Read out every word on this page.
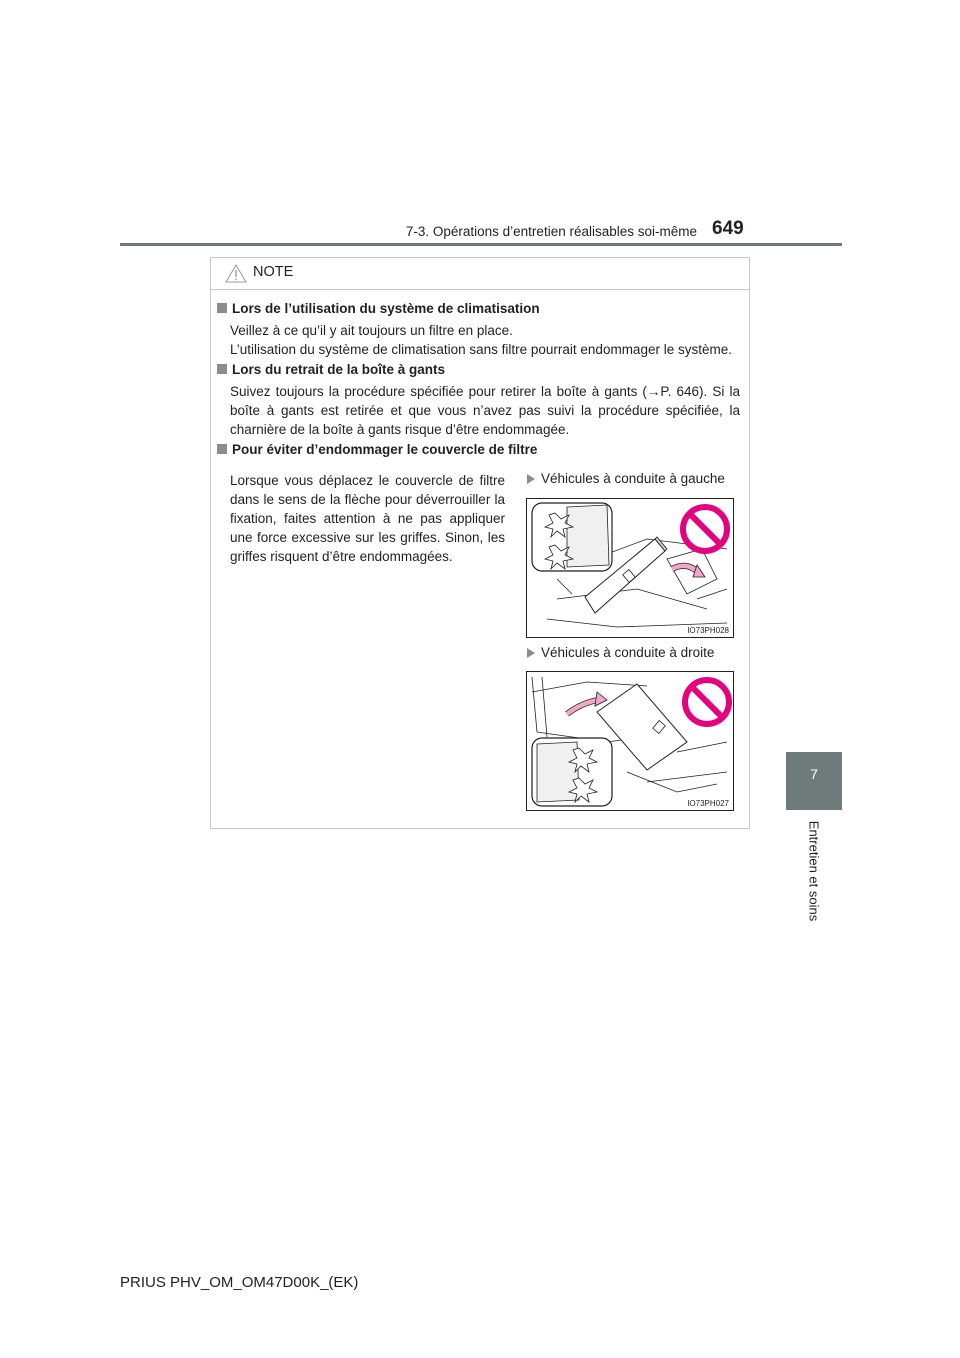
7-3. Opérations d’entretien réalisables soi-même 649
7
Entretien et soins
NOTE
Lors de l’utilisation du système de climatisation

Veillez à ce qu’il y ait toujours un filtre en place.
L’utilisation du système de climatisation sans filtre pourrait endommager le système.

Lors du retrait de la boîte à gants

Suivez toujours la procédure spécifiée pour retirer la boîte à gants (→P. 646). Si la boîte à gants est retirée et que vous n’avez pas suivi la procédure spécifiée, la charnière de la boîte à gants risque d’être endommagée.

Pour éviter d’endommager le couvercle de filtre

Lorsque vous déplacez le couvercle de filtre dans le sens de la flèche pour déverrouiller la fixation, faites attention à ne pas appliquer une force excessive sur les griffes. Sinon, les griffes risquent d’être endommagées.

Véhicules à conduite à gauche
IO73PH028
Véhicules à conduite à droite
IO73PH027
PRIUS PHV_OM_OM47D00K_(EK)
